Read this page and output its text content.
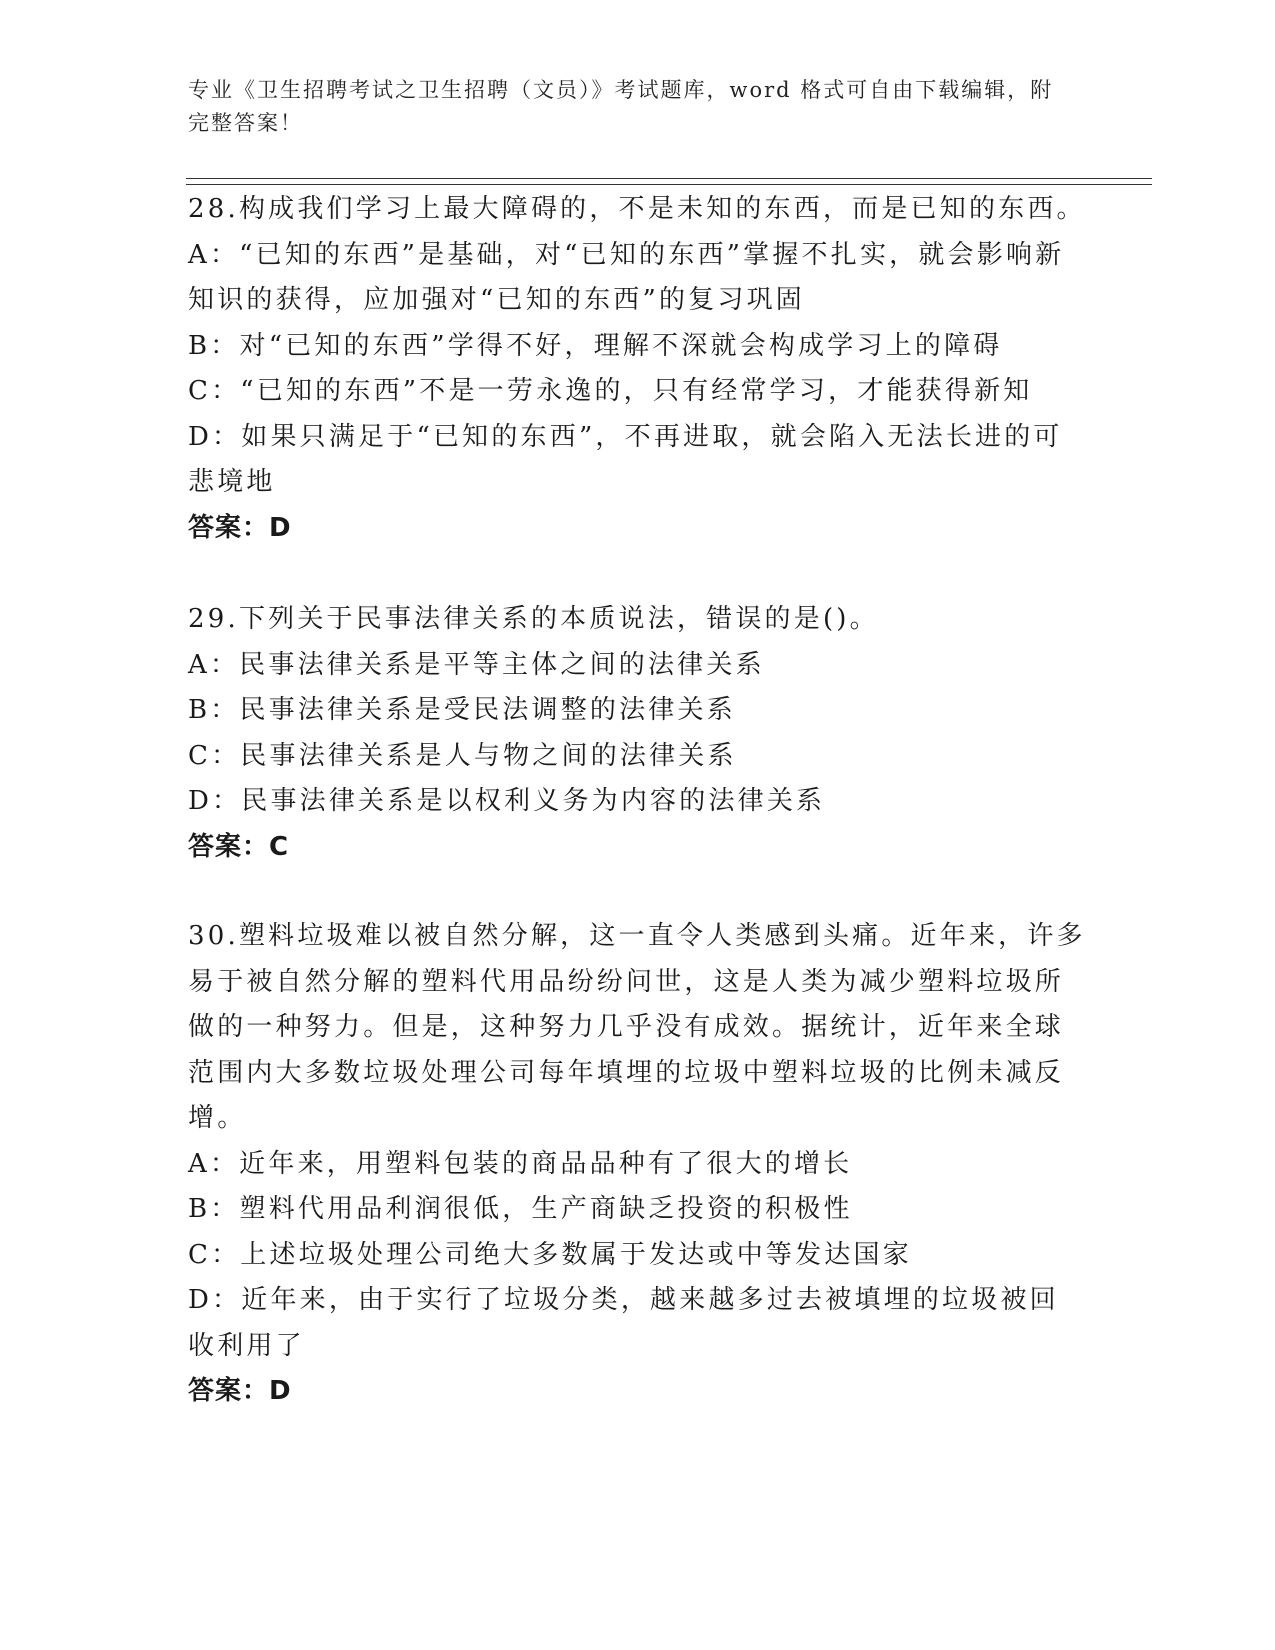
专业《卫生招聘考试之卫生招聘（文员）》考试题库，word 格式可自由下载编辑，附完整答案！

28.构成我们学习上最大障碍的，不是未知的东西，而是已知的东西。

A：“已知的东西”是基础，对“已知的东西”掌握不扎实，就会影响新知识的获得，应加强对“已知的东西”的复习巩固

B：对“已知的东西”学得不好，理解不深就会构成学习上的障碍

C：“已知的东西”不是一劳永逸的，只有经常学习，才能获得新知

D：如果只满足于“已知的东西”，不再进取，就会陷入无法长进的可悲境地

答案：D

29.下列关于民事法律关系的本质说法，错误的是()。

A：民事法律关系是平等主体之间的法律关系

B：民事法律关系是受民法调整的法律关系

C：民事法律关系是人与物之间的法律关系

D：民事法律关系是以权利义务为内容的法律关系

答案：C

30.塑料垃圾难以被自然分解，这一直令人类感到头痛。近年来，许多易于被自然分解的塑料代用品纷纷问世，这是人类为减少塑料垃圾所做的一种努力。但是，这种努力几乎没有成效。据统计，近年来全球范围内大多数垃圾处理公司每年填埋的垃圾中塑料垃圾的比例未减反增。

A：近年来，用塑料包装的商品品种有了很大的增长

B：塑料代用品利润很低，生产商缺乏投资的积极性

C：上述垃圾处理公司绝大多数属于发达或中等发达国家

D：近年来，由于实行了垃圾分类，越来越多过去被填埋的垃圾被回收利用了

答案：D
